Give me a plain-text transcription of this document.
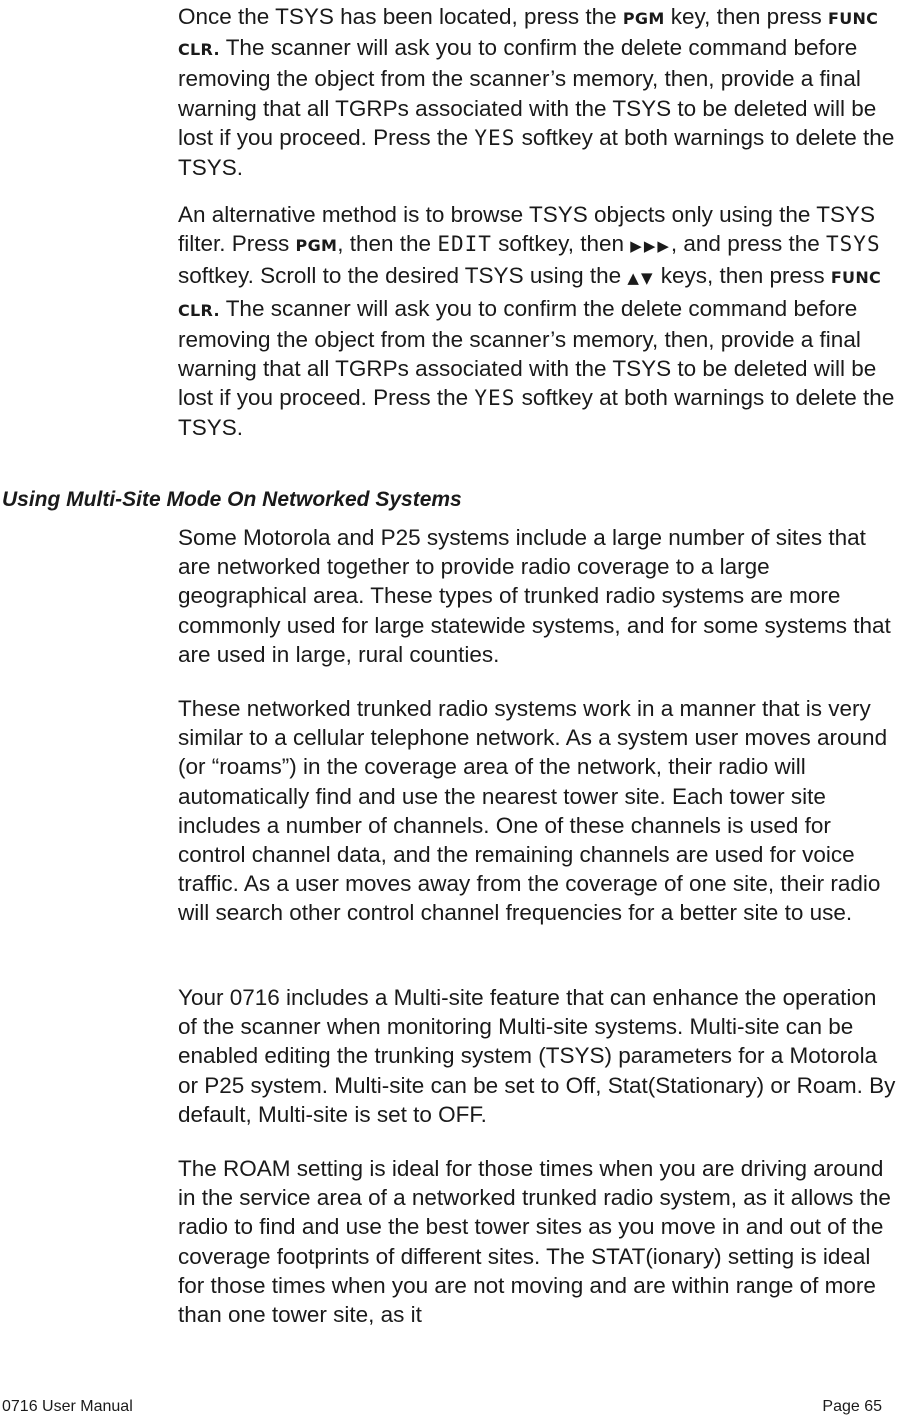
Once the TSYS has been located, press the PGM key, then press FUNC CLR. The scanner will ask you to confirm the delete command before removing the object from the scanner’s memory, then, provide a final warning that all TGRPs associated with the TSYS to be deleted will be lost if you proceed. Press the YES softkey at both warnings to delete the TSYS.

An alternative method is to browse TSYS objects only using the TSYS filter. Press PGM, then the EDIT softkey, then ▶▶▶, and press the TSYS softkey. Scroll to the desired TSYS using the ▲▼ keys, then press FUNC CLR. The scanner will ask you to confirm the delete command before removing the object from the scanner’s memory, then, provide a final warning that all TGRPs associated with the TSYS to be deleted will be lost if you proceed. Press the YES softkey at both warnings to delete the TSYS.

Using Multi-Site Mode On Networked Systems

Some Motorola and P25 systems include a large number of sites that are networked together to provide radio coverage to a large geographical area. These types of trunked radio systems are more commonly used for large statewide systems, and for some systems that are used in large, rural counties.

These networked trunked radio systems work in a manner that is very similar to a cellular telephone network. As a system user moves around (or “roams”) in the coverage area of the network, their radio will automatically find and use the nearest tower site. Each tower site includes a number of channels. One of these channels is used for control channel data, and the remaining channels are used for voice traffic. As a user moves away from the coverage of one site, their radio will search other control channel frequencies for a better site to use.

Your 0716 includes a Multi-site feature that can enhance the operation of the scanner when monitoring Multi-site systems. Multi-site can be enabled editing the trunking system (TSYS) parameters for a Motorola or P25 system. Multi-site can be set to Off, Stat(Stationary) or Roam. By default, Multi-site is set to OFF.

The ROAM setting is ideal for those times when you are driving around in the service area of a networked trunked radio system, as it allows the radio to find and use the best tower sites as you move in and out of the coverage footprints of different sites. The STAT(ionary) setting is ideal for those times when you are not moving and are within range of more than one tower site, as it

0716 User Manual	Page 65
